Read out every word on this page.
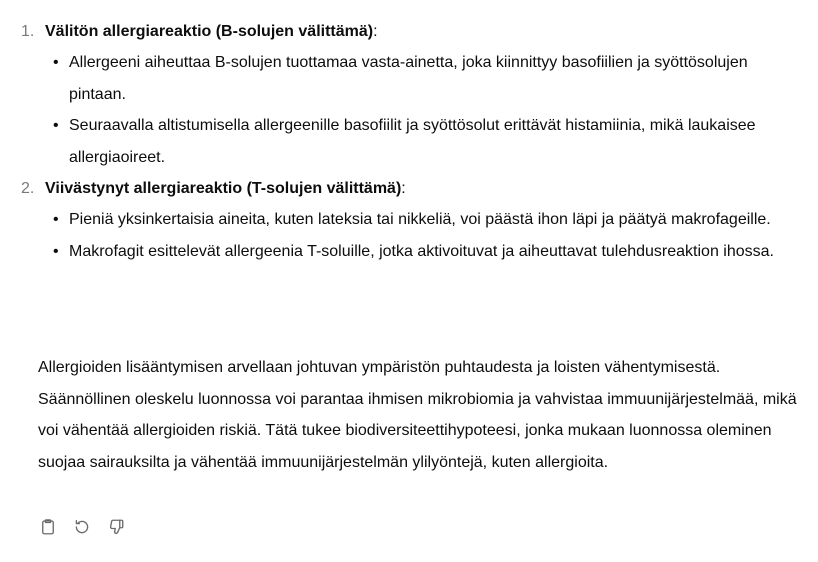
1. Välitön allergiareaktio (B-solujen välittämä):
• Allergeeni aiheuttaa B-solujen tuottamaa vasta-ainetta, joka kiinnittyy basofiilien ja syöttösolujen pintaan.
• Seuraavalla altistumisella allergeenille basofiilit ja syöttösolut erittävät histamiinia, mikä laukaisee allergiaoireet.
2. Viivästynyt allergiareaktio (T-solujen välittämä):
• Pieniä yksinkertaisia aineita, kuten lateksia tai nikkeliä, voi päästä ihon läpi ja päätyä makrofageille.
• Makrofagit esittelevät allergeenia T-soluille, jotka aktivoituvat ja aiheuttavat tulehdusreaktion ihossa.

Allergioiden lisääntymisen arvellaan johtuvan ympäristön puhtaudesta ja loisten vähentymisestä. Säännöllinen oleskelu luonnossa voi parantaa ihmisen mikrobiomia ja vahvistaa immuunijärjestelmää, mikä voi vähentää allergioiden riskiä. Tätä tukee biodiversiteettihypoteesi, jonka mukaan luonnossa oleminen suojaa sairauksilta ja vähentää immuunijärjestelmän ylilyöntejä, kuten allergioita.
